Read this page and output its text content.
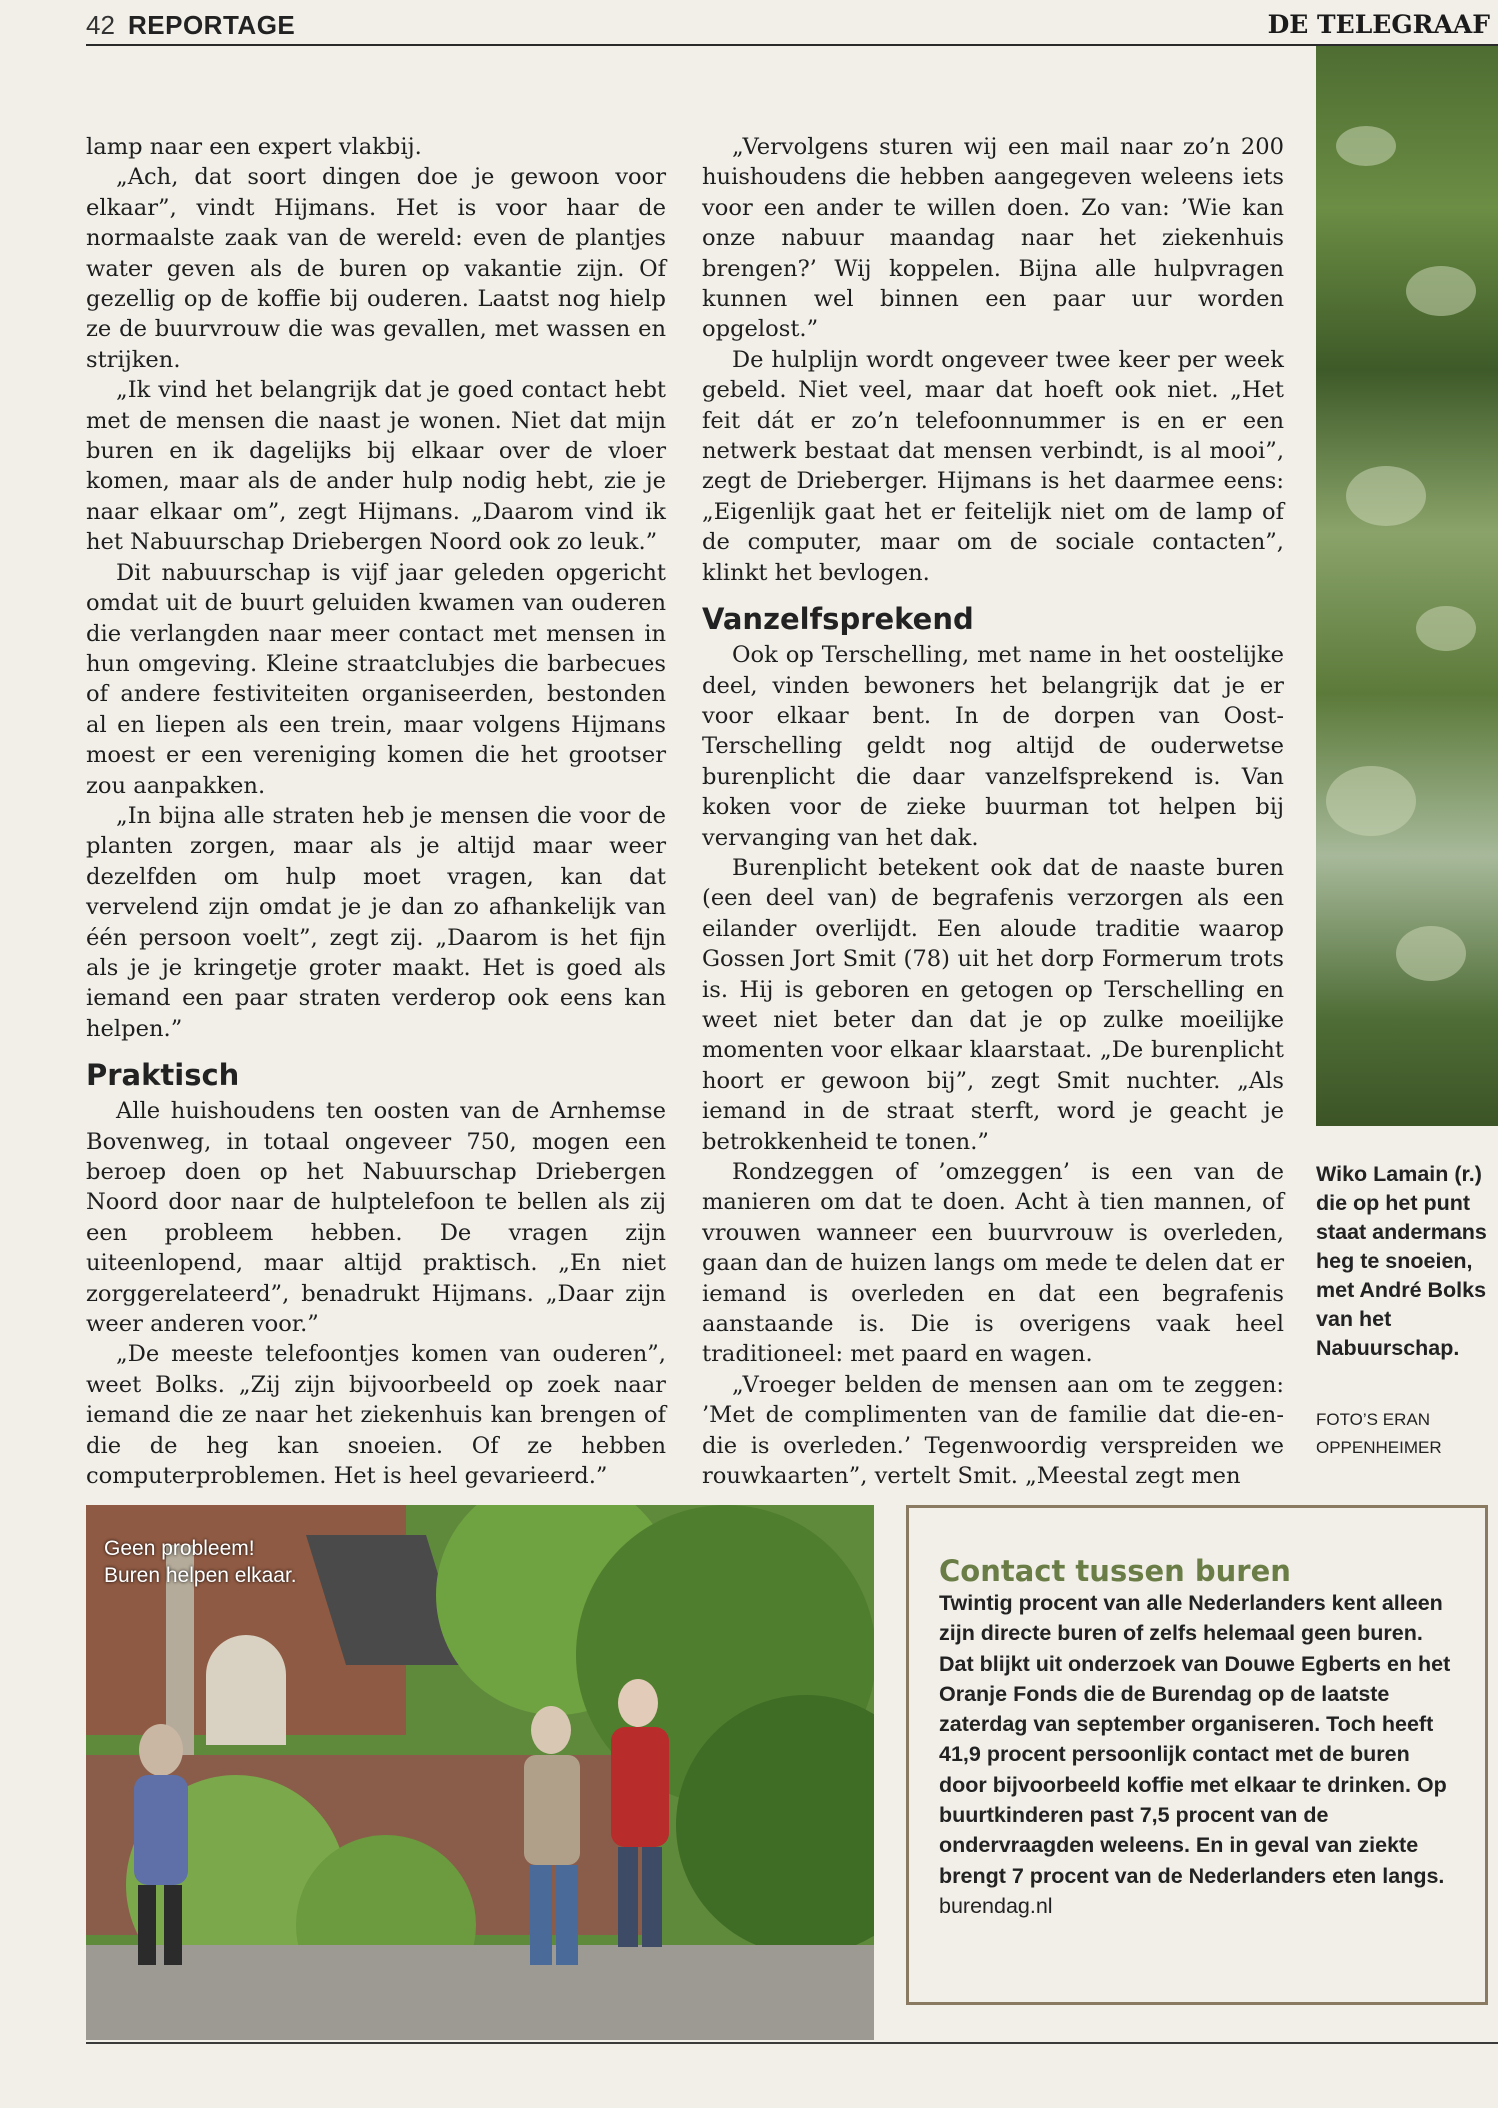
42 REPORTAGE	DE TELEGRAAF

lamp naar een expert vlakbij.

„Ach, dat soort dingen doe je gewoon voor elkaar”, vindt Hijmans. Het is voor haar de normaalste zaak van de wereld: even de plantjes water geven als de buren op vakantie zijn. Of gezellig op de koffie bij ouderen. Laatst nog hielp ze de buurvrouw die was gevallen, met wassen en strijken.

„Ik vind het belangrijk dat je goed contact hebt met de mensen die naast je wonen. Niet dat mijn buren en ik dagelijks bij elkaar over de vloer komen, maar als de ander hulp nodig hebt, zie je naar elkaar om”, zegt Hijmans. „Daarom vind ik het Nabuurschap Driebergen Noord ook zo leuk.”

Dit nabuurschap is vijf jaar geleden opgericht omdat uit de buurt geluiden kwamen van ouderen die verlangden naar meer contact met mensen in hun omgeving. Kleine straatclubjes die barbecues of andere festiviteiten organiseerden, bestonden al en liepen als een trein, maar volgens Hijmans moest er een vereniging komen die het grootser zou aanpakken.

„In bijna alle straten heb je mensen die voor de planten zorgen, maar als je altijd maar weer dezelfden om hulp moet vragen, kan dat vervelend zijn omdat je je dan zo afhankelijk van één persoon voelt”, zegt zij. „Daarom is het fijn als je je kringetje groter maakt. Het is goed als iemand een paar straten verderop ook eens kan helpen.”

Praktisch

Alle huishoudens ten oosten van de Arnhemse Bovenweg, in totaal ongeveer 750, mogen een beroep doen op het Nabuurschap Driebergen Noord door naar de hulptelefoon te bellen als zij een probleem hebben. De vragen zijn uiteenlopend, maar altijd praktisch. „En niet zorggerelateerd”, benadrukt Hijmans. „Daar zijn weer anderen voor.”

„De meeste telefoontjes komen van ouderen”, weet Bolks. „Zij zijn bijvoorbeeld op zoek naar iemand die ze naar het ziekenhuis kan brengen of die de heg kan snoeien. Of ze hebben computerproblemen. Het is heel gevarieerd.”

„Vervolgens sturen wij een mail naar zo’n 200 huishoudens die hebben aangegeven weleens iets voor een ander te willen doen. Zo van: ’Wie kan onze nabuur maandag naar het ziekenhuis brengen?’ Wij koppelen. Bijna alle hulpvragen kunnen wel binnen een paar uur worden opgelost.”

De hulplijn wordt ongeveer twee keer per week gebeld. Niet veel, maar dat hoeft ook niet. „Het feit dát er zo’n telefoonnummer is en er een netwerk bestaat dat mensen verbindt, is al mooi”, zegt de Drieberger. Hijmans is het daarmee eens: „Eigenlijk gaat het er feitelijk niet om de lamp of de computer, maar om de sociale contacten”, klinkt het bevlogen.

Vanzelfsprekend

Ook op Terschelling, met name in het oostelijke deel, vinden bewoners het belangrijk dat je er voor elkaar bent. In de dorpen van Oost-Terschelling geldt nog altijd de ouderwetse burenplicht die daar vanzelfsprekend is. Van koken voor de zieke buurman tot helpen bij vervanging van het dak.

Burenplicht betekent ook dat de naaste buren (een deel van) de begrafenis verzorgen als een eilander overlijdt. Een aloude traditie waarop Gossen Jort Smit (78) uit het dorp Formerum trots is. Hij is geboren en getogen op Terschelling en weet niet beter dan dat je op zulke moeilijke momenten voor elkaar klaarstaat. „De burenplicht hoort er gewoon bij”, zegt Smit nuchter. „Als iemand in de straat sterft, word je geacht je betrokkenheid te tonen.”

Rondzeggen of ’omzeggen’ is een van de manieren om dat te doen. Acht à tien mannen, of vrouwen wanneer een buurvrouw is overleden, gaan dan de huizen langs om mede te delen dat er iemand is overleden en dat een begrafenis aanstaande is. Die is overigens vaak heel traditioneel: met paard en wagen.

„Vroeger belden de mensen aan om te zeggen: ’Met de complimenten van de familie dat die-en-die is overleden.’ Tegenwoordig verspreiden we rouwkaarten”, vertelt Smit. „Meestal zegt men

Wiko Lamain (r.) die op het punt staat andermans heg te snoeien, met André Bolks van het Nabuurschap.
FOTO’S ERAN OPPENHEIMER
Geen probleem!
Buren helpen elkaar.	Contact tussen buren
Twintig procent van alle Nederlanders kent alleen zijn directe buren of zelfs helemaal geen buren. Dat blijkt uit onderzoek van Douwe Egberts en het Oranje Fonds die de Burendag op de laatste zaterdag van september organiseren. Toch heeft 41,9 procent persoonlijk contact met de buren door bijvoorbeeld koffie met elkaar te drinken. Op buurtkinderen past 7,5 procent van de ondervraagden weleens. En in geval van ziekte brengt 7 procent van de Nederlanders eten langs.
burendag.nl
